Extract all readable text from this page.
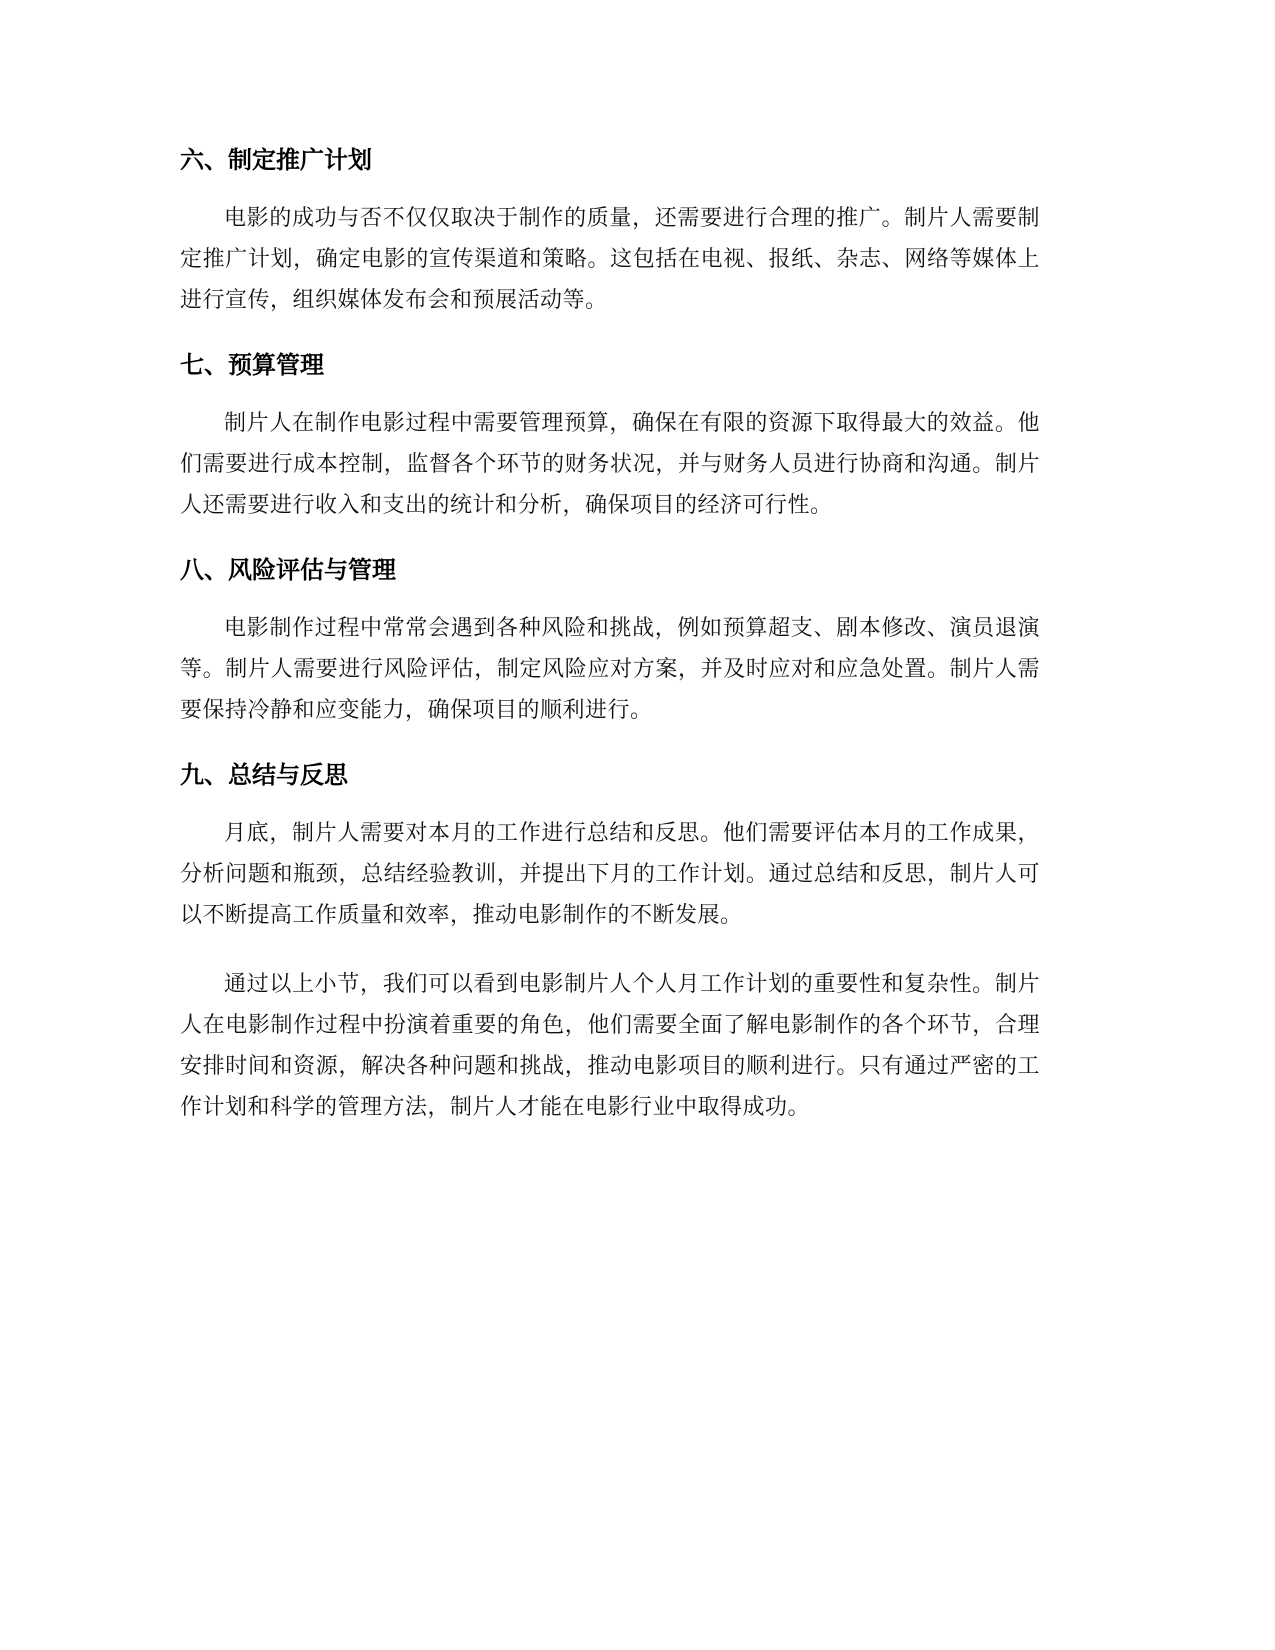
六、制定推广计划

电影的成功与否不仅仅取决于制作的质量，还需要进行合理的推广。制片人需要制定推广计划，确定电影的宣传渠道和策略。这包括在电视、报纸、杂志、网络等媒体上进行宣传，组织媒体发布会和预展活动等。

七、预算管理

制片人在制作电影过程中需要管理预算，确保在有限的资源下取得最大的效益。他们需要进行成本控制，监督各个环节的财务状况，并与财务人员进行协商和沟通。制片人还需要进行收入和支出的统计和分析，确保项目的经济可行性。

八、风险评估与管理

电影制作过程中常常会遇到各种风险和挑战，例如预算超支、剧本修改、演员退演等。制片人需要进行风险评估，制定风险应对方案，并及时应对和应急处置。制片人需要保持冷静和应变能力，确保项目的顺利进行。

九、总结与反思

月底，制片人需要对本月的工作进行总结和反思。他们需要评估本月的工作成果，分析问题和瓶颈，总结经验教训，并提出下月的工作计划。通过总结和反思，制片人可以不断提高工作质量和效率，推动电影制作的不断发展。

通过以上小节，我们可以看到电影制片人个人月工作计划的重要性和复杂性。制片人在电影制作过程中扮演着重要的角色，他们需要全面了解电影制作的各个环节，合理安排时间和资源，解决各种问题和挑战，推动电影项目的顺利进行。只有通过严密的工作计划和科学的管理方法，制片人才能在电影行业中取得成功。
